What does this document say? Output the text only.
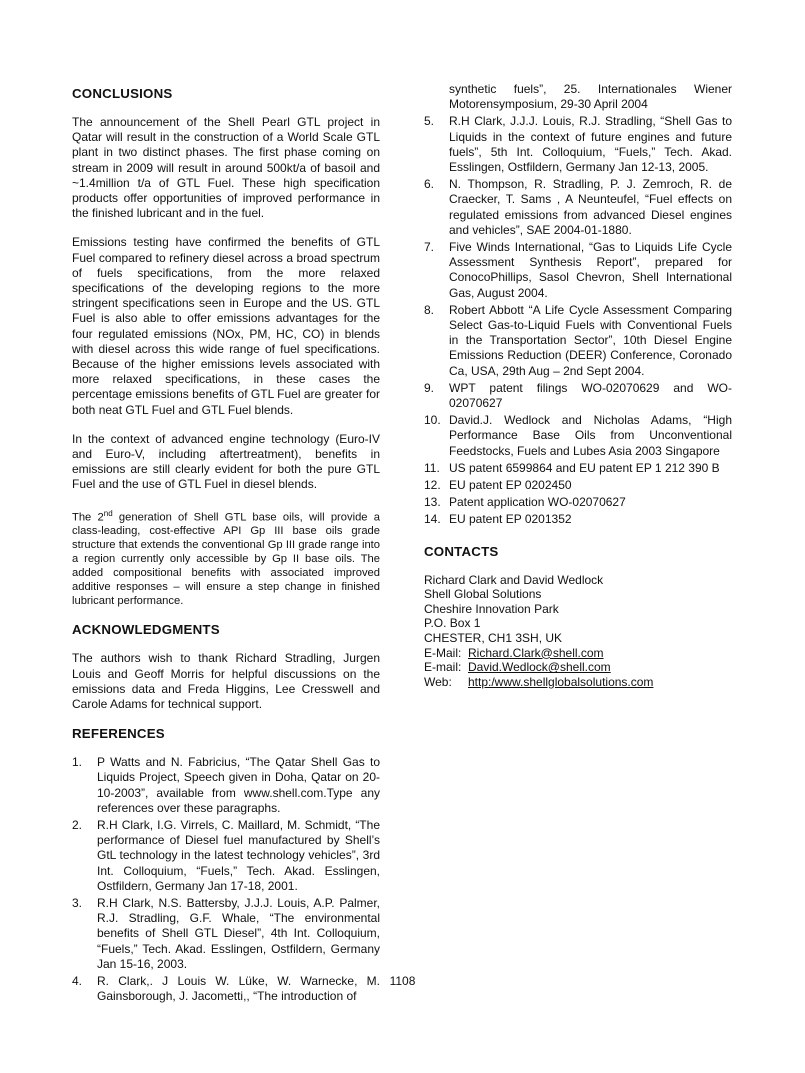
CONCLUSIONS

The announcement of the Shell Pearl GTL project in Qatar will result in the construction of a World Scale GTL plant in two distinct phases. The first phase coming on stream in 2009 will result in around 500kt/a of basoil and ~1.4million t/a of GTL Fuel. These high specification products offer opportunities of improved performance in the finished lubricant and in the fuel.

Emissions testing have confirmed the benefits of GTL Fuel compared to refinery diesel across a broad spectrum of fuels specifications, from the more relaxed specifications of the developing regions to the more stringent specifications seen in Europe and the US. GTL Fuel is also able to offer emissions advantages for the four regulated emissions (NOx, PM, HC, CO) in blends with diesel across this wide range of fuel specifications. Because of the higher emissions levels associated with more relaxed specifications, in these cases the percentage emissions benefits of GTL Fuel are greater for both neat GTL Fuel and GTL Fuel blends.

In the context of advanced engine technology (Euro-IV and Euro-V, including aftertreatment), benefits in emissions are still clearly evident for both the pure GTL Fuel and the use of GTL Fuel in diesel blends.

The 2nd generation of Shell GTL base oils, will provide a class-leading, cost-effective API Gp III base oils grade structure that extends the conventional Gp III grade range into a region currently only accessible by Gp II base oils. The added compositional benefits with associated improved additive responses – will ensure a step change in finished lubricant performance.

ACKNOWLEDGMENTS

The authors wish to thank Richard Stradling, Jurgen Louis and Geoff Morris for helpful discussions on the emissions data and Freda Higgins, Lee Cresswell and Carole Adams for technical support.

REFERENCES
1. P Watts and N. Fabricius, “The Qatar Shell Gas to Liquids Project, Speech given in Doha, Qatar on 20-10-2003”, available from www.shell.com.Type any references over these paragraphs.
2. R.H Clark, I.G. Virrels, C. Maillard, M. Schmidt, “The performance of Diesel fuel manufactured by Shell’s GtL technology in the latest technology vehicles”, 3rd Int. Colloquium, “Fuels,” Tech. Akad. Esslingen, Ostfildern, Germany Jan 17-18, 2001.
3. R.H Clark, N.S. Battersby, J.J.J. Louis, A.P. Palmer, R.J. Stradling, G.F. Whale, “The environmental benefits of Shell GTL Diesel”, 4th Int. Colloquium, “Fuels,” Tech. Akad. Esslingen, Ostfildern, Germany Jan 15-16, 2003.
4. R. Clark,. J Louis W. Lüke, W. Warnecke, M. Gainsborough, J. Jacometti,, “The introduction of
synthetic fuels”, 25. Internationales Wiener Motorensymposium, 29-30 April 2004
5. R.H Clark, J.J.J. Louis, R.J. Stradling, “Shell Gas to Liquids in the context of future engines and future fuels”, 5th Int. Colloquium, “Fuels,” Tech. Akad. Esslingen, Ostfildern, Germany Jan 12-13, 2005.
6. N. Thompson, R. Stradling, P. J. Zemroch, R. de Craecker, T. Sams , A Neunteufel, “Fuel effects on regulated emissions from advanced Diesel engines and vehicles”, SAE 2004-01-1880.
7. Five Winds International, “Gas to Liquids Life Cycle Assessment Synthesis Report”, prepared for ConocoPhillips, Sasol Chevron, Shell International Gas, August 2004.
8. Robert Abbott “A Life Cycle Assessment Comparing Select Gas-to-Liquid Fuels with Conventional Fuels in the Transportation Sector”, 10th Diesel Engine Emissions Reduction (DEER) Conference, Coronado Ca, USA, 29th Aug – 2nd Sept 2004.
9. WPT patent filings WO-02070629 and WO-02070627
10. David.J. Wedlock and Nicholas Adams, “High Performance Base Oils from Unconventional Feedstocks, Fuels and Lubes Asia 2003 Singapore
11. US patent 6599864 and EU patent EP 1 212 390 B
12. EU patent EP 0202450
13. Patent application WO-02070627
14. EU patent EP 0201352
CONTACTS
Richard Clark and David Wedlock
Shell Global Solutions
Cheshire Innovation Park
P.O. Box 1
CHESTER, CH1 3SH, UK
E-Mail: Richard.Clark@shell.com
E-mail: David.Wedlock@shell.com
Web:	http:/www.shellglobalsolutions.com
1108
